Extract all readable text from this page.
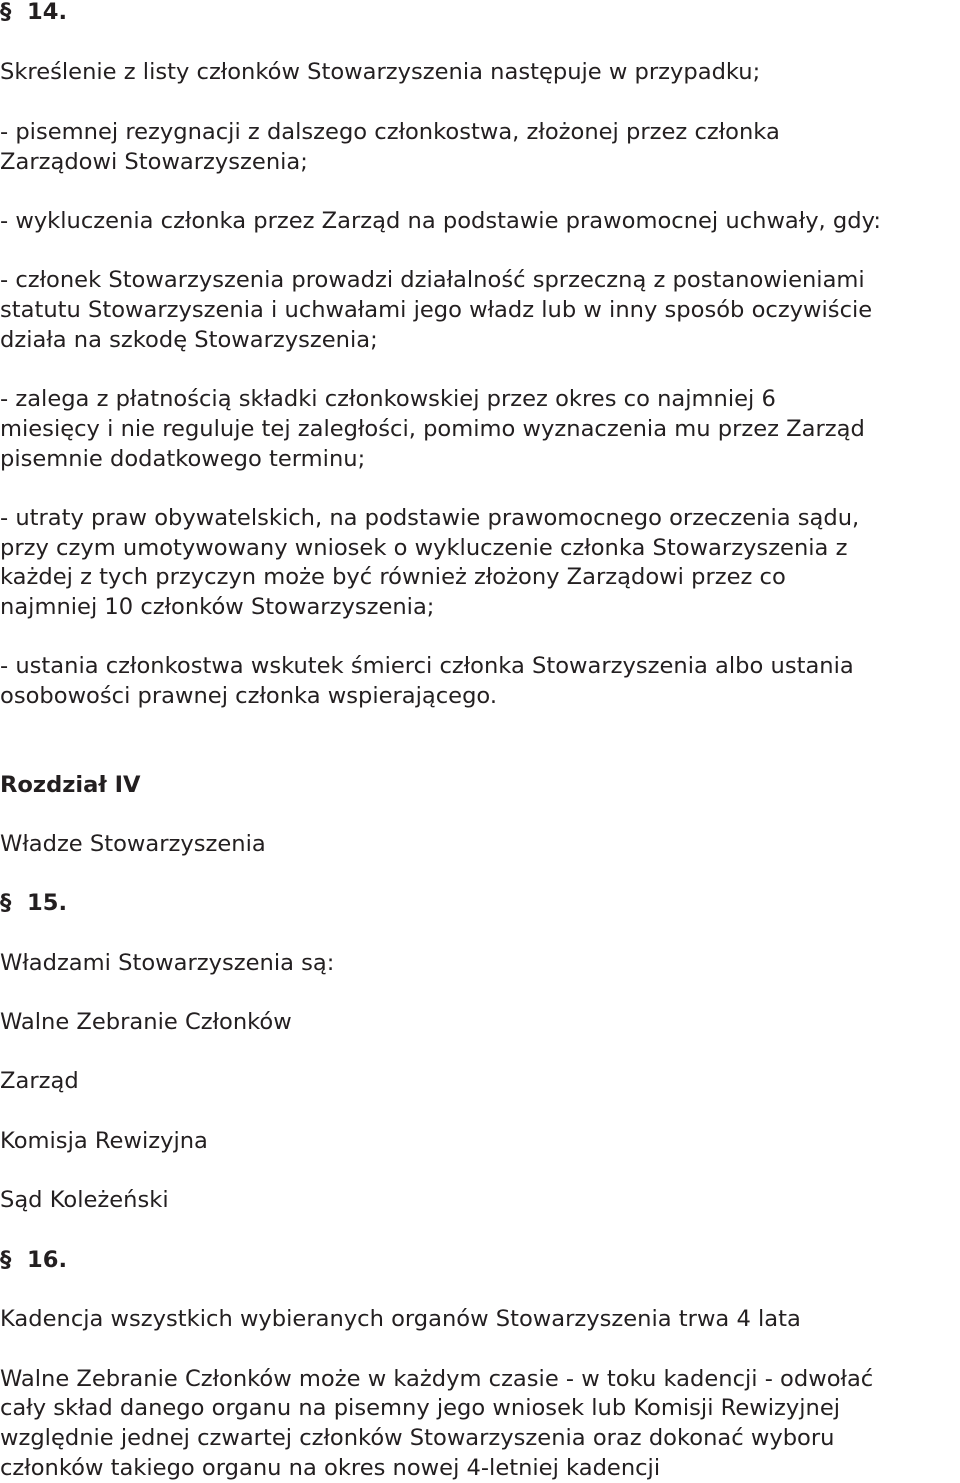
§ 14.

Skreślenie z listy członków Stowarzyszenia następuje w przypadku;

- pisemnej rezygnacji z dalszego członkostwa, złożonej przez członka

Zarządowi Stowarzyszenia;

- wykluczenia członka przez Zarząd na podstawie prawomocnej uchwały, gdy:

- członek Stowarzyszenia prowadzi działalność sprzeczną z postanowieniami

statutu Stowarzyszenia i uchwałami jego władz lub w inny sposób oczywiście

działa na szkodę Stowarzyszenia;

- zalega z płatnością składki członkowskiej przez okres co najmniej 6

miesięcy i nie reguluje tej zaległości, pomimo wyznaczenia mu przez Zarząd

pisemnie dodatkowego terminu;

- utraty praw obywatelskich, na podstawie prawomocnego orzeczenia sądu,

przy czym umotywowany wniosek o wykluczenie członka Stowarzyszenia z

każdej z tych przyczyn może być również złożony Zarządowi przez co

najmniej 10 członków Stowarzyszenia;

- ustania członkostwa wskutek śmierci członka Stowarzyszenia albo ustania

osobowości prawnej członka wspierającego.

Rozdział IV

Władze Stowarzyszenia

§ 15.

Władzami Stowarzyszenia są:

Walne Zebranie Członków

Zarząd

Komisja Rewizyjna

Sąd Koleżeński

§ 16.

Kadencja wszystkich wybieranych organów Stowarzyszenia trwa 4 lata

Walne Zebranie Członków może w każdym czasie - w toku kadencji - odwołać

cały skład danego organu na pisemny jego wniosek lub Komisji Rewizyjnej

względnie jednej czwartej członków Stowarzyszenia oraz dokonać wyboru

członków takiego organu na okres nowej 4-letniej kadencji
